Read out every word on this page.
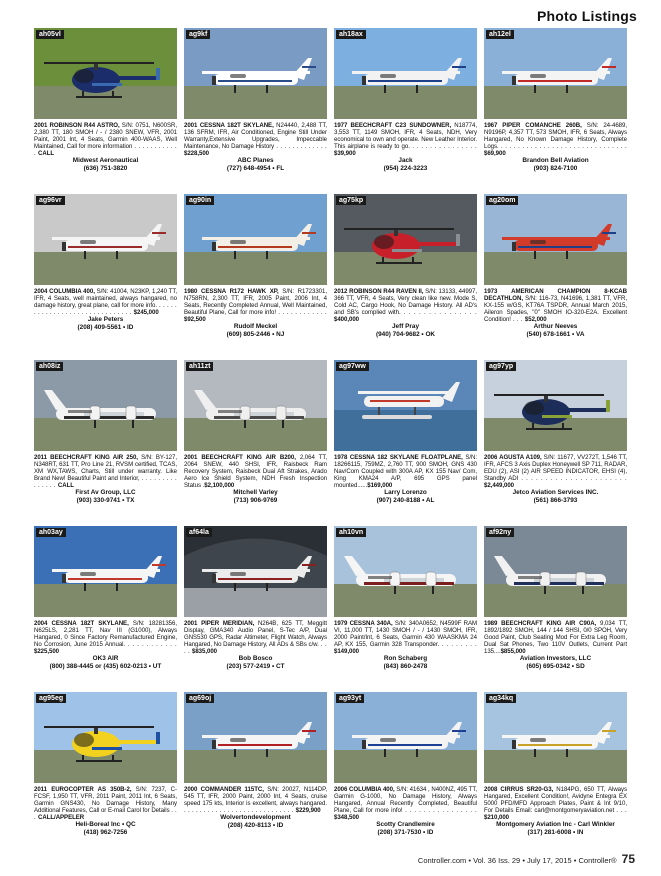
Photo Listings
ah05vl
2001 ROBINSON R44 ASTRO, S/N: 0751, N600SR, 2,380 TT, 180 SMOH / - / 2380 SNEW, VFR, 2001 Paint, 2001 Int, 4 Seats, Garmin 400-WAAS, Well Maintained, Call for more information . . . . . . . . . . . . CALL
Midwest Aeronautical
(636) 751-3820
ag9kf
2001 CESSNA 182T SKYLANE, N24440, 2,488 TT, 136 SFRM, IFR, Air Conditioned, Engine Still Under Warranty,Extensive Upgrades, Impeccable Maintenance, No Damage History . . . . . . . . . . . . . $228,500
ABC Planes
(727) 648-4954 • FL
ah18ax
1977 BEECHCRAFT C23 SUNDOWNER, N18774, 3,553 TT, 1149 SMOH, IFR, 4 Seats, NDH, Very economical to own and operate. New Leather Interior. This airplane is ready to go. . . . . . . . . . . . . . . . $39,900
Jack
(954) 224-3223
ah12el
1967 PIPER COMANCHE 260B, S/N: 24-4689, N9196P, 4,357 TT, 573 SMOH, IFR, 6 Seats, Always Hangared, No Known Damage History, Complete Logs. . . . . . . . . . . . . . . . . . . . . . . . . . . . . . . $69,900
Brandon Bell Aviation
(903) 824-7100
ag96vr
2004 COLUMBIA 400, S/N: 41004, N23KP, 1,240 TT, IFR, 4 Seats, well maintained, always hangared, no damage history, great plane, call for more info. . . . . . . . . . . . . . . . . . . . . . . . . . . . . . . $245,000
Jake Peters
(208) 409-5561 • ID
ag90in
1980 CESSNA R172 HAWK XP, S/N: R1723301, N758RN, 2,300 TT, IFR, 2005 Paint, 2006 Int, 4 Seats, Recently Completed Annual, Well Maintained, Beautiful Plane, Call for more info! . . . . . . . . . . . . $92,500
Rudolf Meckel
(609) 805-2446 • NJ
ag75kp
2012 ROBINSON R44 RAVEN II, S/N: 13133, 44997, 366 TT, VFR, 4 Seats, Very clean like new. Mode S, Cold AC, Cargo Hook, No Damage History. All AD's and SB's complied with. . . . . . . . . . . . . . . . $400,000
Jeff Pray
(940) 704-9682 • OK
ag20om
1973 AMERICAN CHAMPION 8-KCAB DECATHLON, S/N: 116-73, N41696, 1,381 TT, VFR, KX-155 w/GS, KT76A TSPDR, Annual March 2015, Aileron Spades, "0" SMOH IO-320-E2A. Excellent Condition! . . . $52,000
Arthur Neeves
(540) 678-1661 • VA
ah08iz
2011 BEECHCRAFT KING AIR 250, S/N: BY-127, N348RT, 631 TT, Pro Line 21, RVSM certified, TCAS, XM WX,TAWS, Charts, Still under warranty. Like Brand New! Beautiful Paint and Interior, . . . . . . . . . . . . . . . CALL
First Av Group, LLC
(903) 330-9741 • TX
ah11zt
2001 BEECHCRAFT KING AIR B200, 2,064 TT, 2064 SNEW, 440 SHSI, IFR, Raisbeck Ram Recovery System, Raisbeck Dual Aft Strakes, Arado Aero Ice Shield System, NDH Fresh Inspection Status .$2,100,000
Mitchell Varley
(713) 906-9769
ag97ww
1978 CESSNA 182 SKYLANE FLOATPLANE, S/N: 18266115, 759MZ, 2,760 TT, 900 SMOH, GNS 430 Nav/Com Coupled with 300A AP, KX 155 Nav/ Com, King KMA24 A/P, 695 GPS panel mounted......$169,000
Larry Lorenzo
(907) 240-8188 • AL
ag97yp
2006 AGUSTA A109, S/N: 11677, VV272T, 1,546 TT, IFR, AFCS 3 Axis Duplex Honeywell SP 711, RADAR, EDU (2), ASI (2) AIR SPEED INDICATOR, EHSI (4), Standby ADI . . . . . . . . . . . . . . . . . . . . . . $2,449,000
Jetco Aviation Services INC.
(561) 866-3793
ah03ay
2004 CESSNA 182T SKYLANE, S/N: 18281356, N625LS, 2,281 TT, Nav III (G1000), Always Hangared, 0 Since Factory Remanufactured Engine, No Corrosion, June 2015 Annual. . . . . . . . . . . . $225,500
OK3 AIR
(800) 388-4445 or (435) 602-0213 • UT
af64la
2001 PIPER MERIDIAN, N264B, 625 TT, Meggitt Display, GMA340 Audio Panel, S-Tec A/P, Dual GNS530 GPS, Radar Altimeter, Flight Watch, Always Hangared, No Damage History, All ADs & SBs c/w. . . . . $835,000
Bob Bosco
(203) 577-2419 • CT
ah10vn
1979 CESSNA 340A, S/N: 340A0652, N4599F RAM VI, 11,000 TT, 1430 SMOH / - / 1430 SMOH, IFR, 2000 Paint/Int, 6 Seats, Garmin 430 WAASKMA 24 AP, KX 155, Garmin 328 Transponder. . . . . . . . . $149,000
Ron Schaberg
(843) 860-2478
af92ny
1989 BEECHCRAFT KING AIR C90A, 9,034 TT, 1892/1892 SMOH, 144 / 144 SHSI, 0/0 SPOH, Very Good Paint, Club Seating Mod For Extra Leg Room, Dual Sat Phones, Two 110V Outlets, Current Part 135....$855,000
Aviation Investors, LLC
(605) 695-0342 • SD
ag95eg
2011 EUROCOPTER AS 350B-2, S/N: 7237, C-FCSF, 1,950 TT, VFR, 2011 Paint, 2011 Int, 6 Seats, Garmin GNS430, No Damage History, Many Additional Features, Call or E-mail Carol for Details . . . CALL/APPELER
Heli-Boreal Inc • QC
(418) 962-7256
ag69oj
2000 COMMANDER 115TC, S/N: 20027, N114DP, 545 TT, IFR, 2000 Paint, 2000 Int, 4 Seats, cruise speed 175 kts, Interior is excellent, always hangared. . . . . . . . . . . . . . . . . . . . . . . . . . . . . $229,900
Wolvertondevelopment
(208) 420-8113 • ID
ag93yt
2006 COLUMBIA 400, S/N: 41634 , N400NZ, 495 TT, Garmin G-1000, No Damage History, Always Hangared, Annual Recently Completed, Beautiful Plane, Call for more info! . . . . . . . . . . . . . . . . $348,500
Scotty Crandlemire
(208) 371-7530 • ID
ag34kq
2008 CIRRUS SR20-G3, N184PG, 650 TT, Always Hangared, Excellent Condition!, Avidyne Entegra EX 5000 PFD/MFD Approach Plates, Paint & Int 9/10, For Details Email: carl@montgomeryaviation.net . . . $210,000
Montgomery Aviation Inc - Carl Winkler
(317) 281-6008 • IN
Controller.com • Vol. 36 Iss. 29 • July 17, 2015 • Controller® 75
